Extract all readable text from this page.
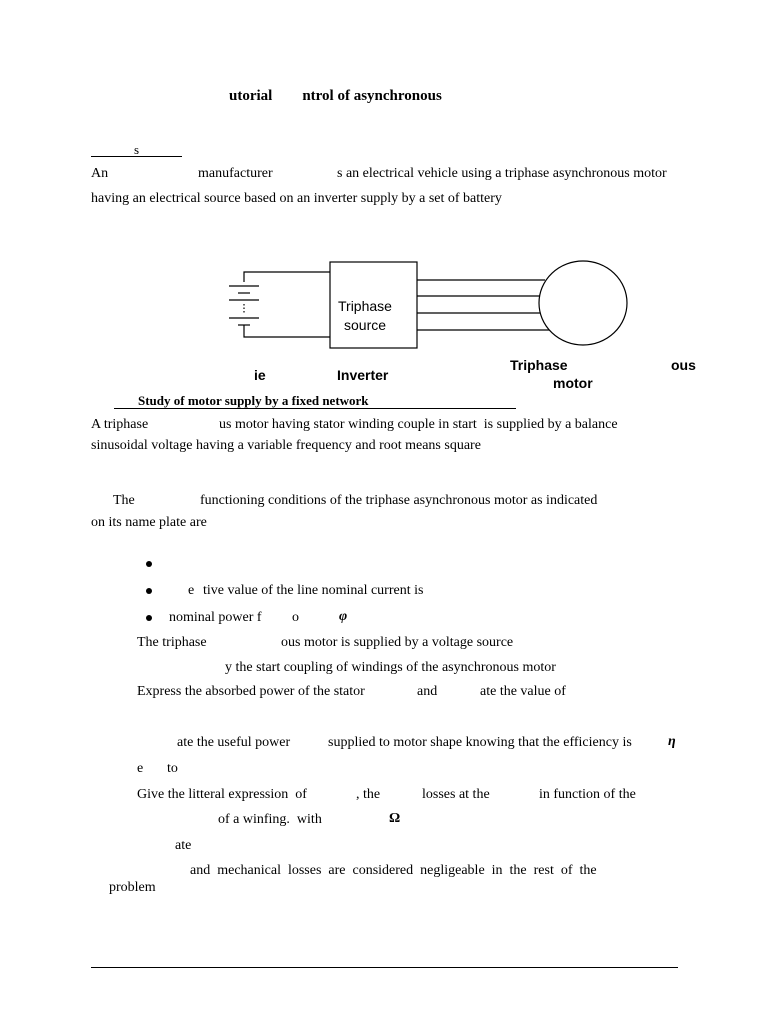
utorial        ntrol of asynchronous
s
An	manufacturer	s an electrical vehicle using a triphase asynchronous motor
having an electrical source based on an inverter supply by a set of battery
Triphase
source
ie	Inverter
Triphase	ous
motor
Study of motor supply by a fixed network
A triphase	us motor having stator winding couple in start  is supplied by a balance
sinusoidal voltage having a variable frequency and root means square
The	functioning conditions of the triphase asynchronous motor as indicated
on its name plate are
e tive value of the line nominal current is
nominal power f o	φ
The triphase	ous motor is supplied by a voltage source
y the start coupling of windings of the asynchronous motor
Express the absorbed power of the stator	and	ate the value of
ate the useful power	supplied to motor shape knowing that the efficiency is	η
e to
Give the litteral expression  of	, the	losses at the	in function of the
of a winfing.  with	Ω
ate
and  mechanical  losses  are  considered  negligeable  in  the  rest  of  the
problem
